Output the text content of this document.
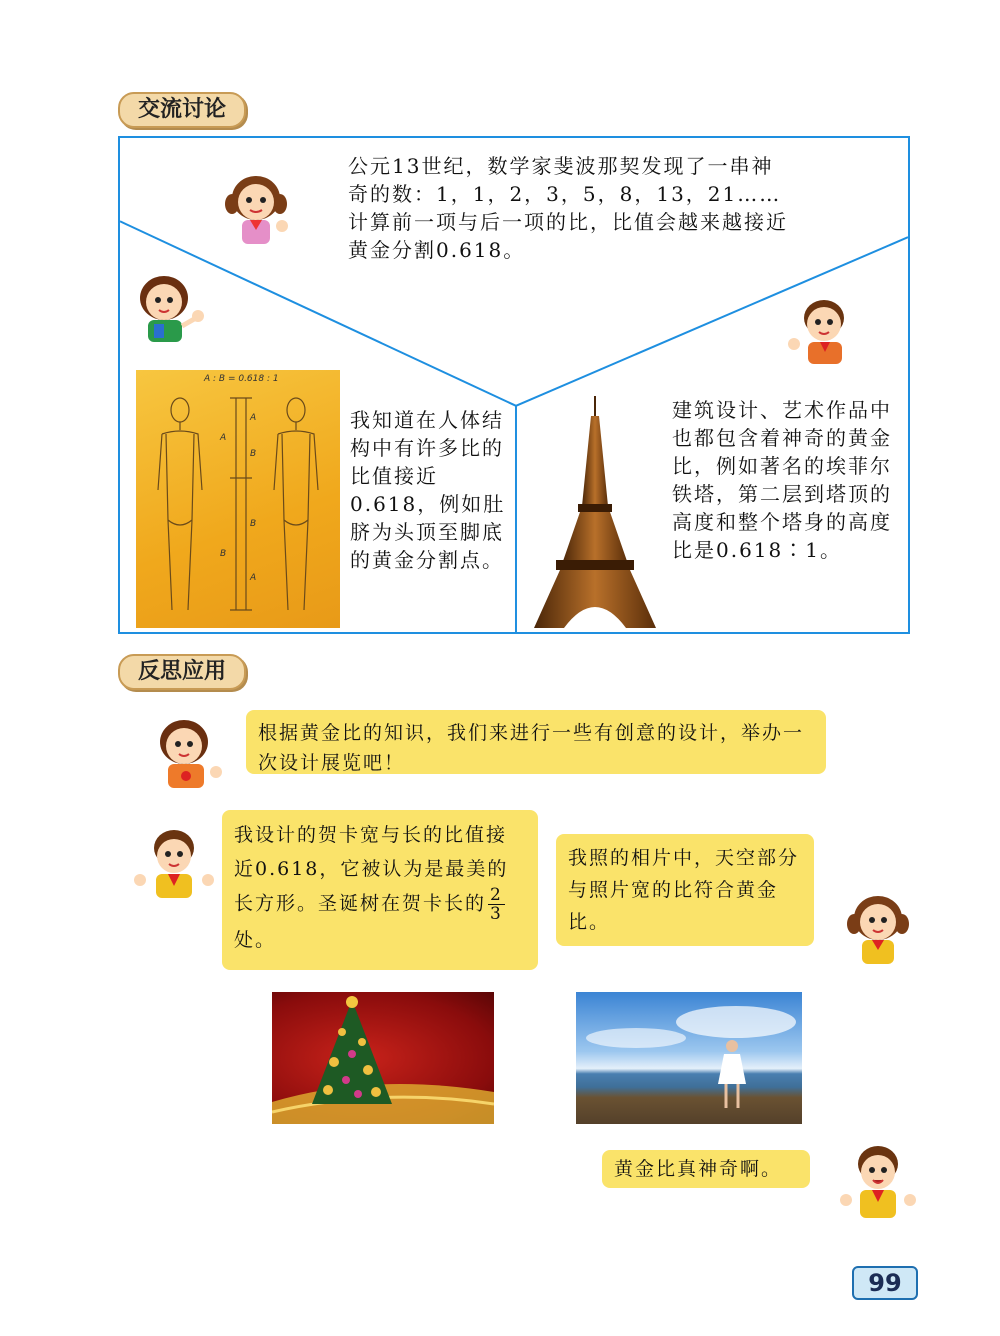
交流讨论
公元13世纪，数学家斐波那契发现了一串神奇的数：1，1，2，3，5，8，13，21……计算前一项与后一项的比，比值会越来越接近黄金分割0.618。
A : B = 0.618 : 1
A
A
B
B
B
A
我知道在人体结构中有许多比的比值接近0.618，例如肚脐为头顶至脚底的黄金分割点。
建筑设计、艺术作品中也都包含着神奇的黄金比，例如著名的埃菲尔铁塔，第二层到塔顶的高度和整个塔身的高度比是0.618∶1。
反思应用
根据黄金比的知识，我们来进行一些有创意的设计，举办一次设计展览吧！
我设计的贺卡宽与长的比值接近0.618，它被认为是最美的长方形。圣诞树在贺卡长的 $\frac{2}{3}$
处。
我照的相片中，天空部分与照片宽的比符合黄金比。
黄金比真神奇啊。
99
